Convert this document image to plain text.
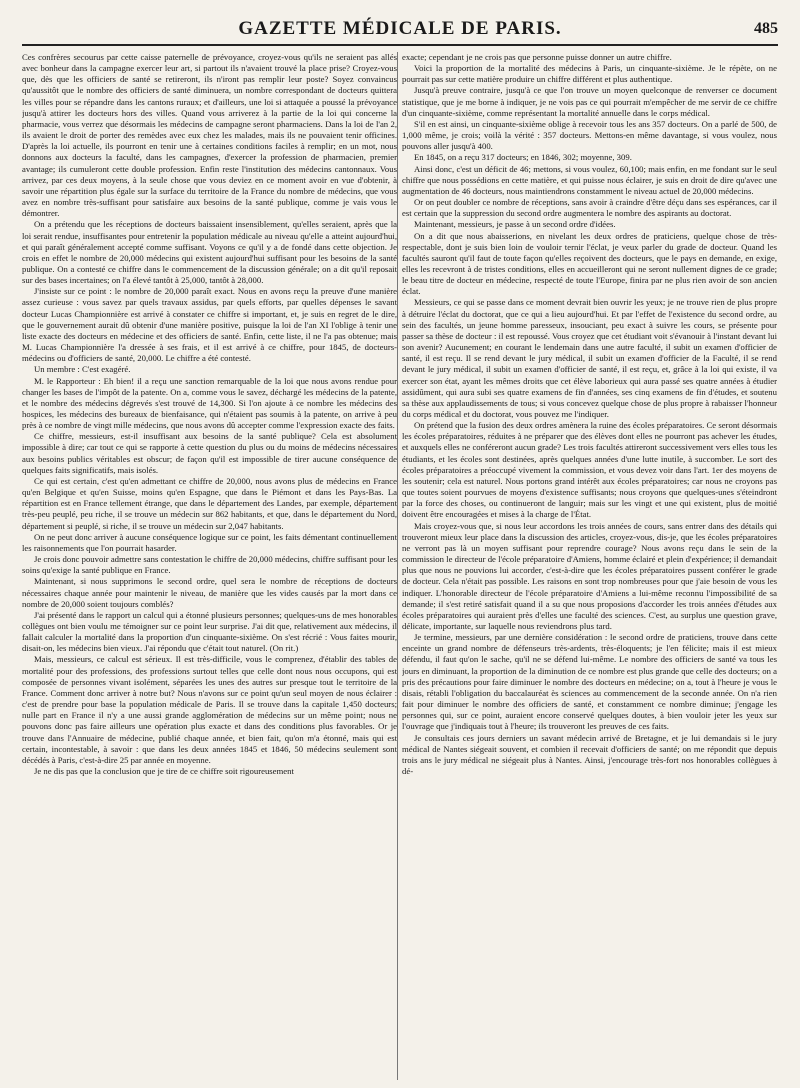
GAZETTE MÉDICALE DE PARIS.	485

Ces confrères secourus par cette caisse paternelle de prévoyance, croyez-vous qu'ils ne seraient pas allés avec bonheur dans la campagne exercer leur art, si partout ils n'avaient trouvé la place prise? Croyez-vous que, dès que les officiers de santé se retireront, ils n'iront pas remplir leur poste? Soyez convaincus qu'aussitôt que le nombre des officiers de santé diminuera, un nombre correspondant de docteurs quittera les villes pour se répandre dans les cantons ruraux; et d'ailleurs, une loi si attaquée a poussé la prévoyance jusqu'à attirer les docteurs hors des villes. Quand vous arriverez à la partie de la loi qui concerne la pharmacie, vous verrez que désormais les médecins de campagne seront pharmaciens. Dans la loi de l'an 2, ils avaient le droit de porter des remèdes avec eux chez les malades, mais ils ne pouvaient tenir officines. D'après la loi actuelle, ils pourront en tenir une à certaines conditions faciles à remplir; en un mot, nous donnons aux docteurs la faculté, dans les campagnes, d'exercer la profession de pharmacien, premier avantage; ils cumuleront cette double profession. Enfin reste l'institution des médecins cantonnaux. Vous arrivez, par ces deux moyens, à la seule chose que vous deviez en ce moment avoir en vue d'obtenir, à savoir une répartition plus égale sur la surface du territoire de la France du nombre de médecins, que vous avez en nombre très-suffisant pour satisfaire aux besoins de la santé publique, comme je vais vous le démontrer.

On a prétendu que les réceptions de docteurs baissaient insensiblement, qu'elles seraient, après que la loi serait rendue, insuffisantes pour entretenir la population médicale au niveau qu'elle a atteint aujourd'hui, et qui paraît généralement accepté comme suffisant. Voyons ce qu'il y a de fondé dans cette objection. Je crois en effet le nombre de 20,000 médecins qui existent aujourd'hui suffisant pour les besoins de la santé publique. On a contesté ce chiffre dans le commencement de la discussion générale; on a dit qu'il reposait sur des bases incertaines; on l'a élevé tantôt à 25,000, tantôt à 28,000.

J'insiste sur ce point : le nombre de 20,000 paraît exact. Nous en avons reçu la preuve d'une manière assez curieuse : vous savez par quels travaux assidus, par quels efforts, par quelles dépenses le savant docteur Lucas Championnière est arrivé à constater ce chiffre si important, et, je suis en regret de le dire, que le gouvernement aurait dû obtenir d'une manière positive, puisque la loi de l'an XI l'oblige à tenir une liste exacte des docteurs en médecine et des officiers de santé. Enfin, cette liste, il ne l'a pas obtenue; mais M. Lucas Championnière l'a dressée à ses frais, et il est arrivé à ce chiffre, pour 1845, de docteurs-médecins ou d'officiers de santé, 20,000. Le chiffre a été contesté.

Un membre : C'est exagéré.

M. le Rapporteur : Eh bien! il a reçu une sanction remarquable de la loi que nous avons rendue pour changer les bases de l'impôt de la patente. On a, comme vous le savez, déchargé les médecins de la patente, et le nombre des médecins dégrevés s'est trouvé de 14,300. Si l'on ajoute à ce nombre les médecins des hospices, les médecins des bureaux de bienfaisance, qui n'étaient pas soumis à la patente, on arrive à peu près à ce nombre de vingt mille médecins, que nous avons dû accepter comme l'expression exacte des faits.

Ce chiffre, messieurs, est-il insuffisant aux besoins de la santé publique? Cela est absolument impossible à dire; car tout ce qui se rapporte à cette question du plus ou du moins de médecins nécessaires aux besoins publics véritables est obscur; de façon qu'il est impossible de tirer aucune conséquence de quelques faits significatifs, mais isolés.

Ce qui est certain, c'est qu'en admettant ce chiffre de 20,000, nous avons plus de médecins en France qu'en Belgique et qu'en Suisse, moins qu'en Espagne, que dans le Piémont et dans les Pays-Bas. La répartition est en France tellement étrange, que dans le département des Landes, par exemple, département très-peu peuplé, peu riche, il se trouve un médecin sur 862 habitants, et que, dans le département du Nord, département si peuplé, si riche, il se trouve un médecin sur 2,047 habitants.

On ne peut donc arriver à aucune conséquence logique sur ce point, les faits démentant continuellement les raisonnements que l'on pourrait hasarder.

Je crois donc pouvoir admettre sans contestation le chiffre de 20,000 médecins, chiffre suffisant pour les soins qu'exige la santé publique en France.

Maintenant, si nous supprimons le second ordre, quel sera le nombre de réceptions de docteurs nécessaires chaque année pour maintenir le niveau, de manière que les vides causés par la mort dans ce nombre de 20,000 soient toujours comblés?

J'ai présenté dans le rapport un calcul qui a étonné plusieurs personnes; quelques-uns de mes honorables collègues ont bien voulu me témoigner sur ce point leur surprise. J'ai dit que, relativement aux médecins, il fallait calculer la mortalité dans la proportion d'un cinquante-sixième. On s'est récrié : Vous faites mourir, disait-on, les médecins bien vieux. J'ai répondu que c'était tout naturel. (On rit.)

Mais, messieurs, ce calcul est sérieux. Il est très-difficile, vous le comprenez, d'établir des tables de mortalité pour des professions, des professions surtout telles que celle dont nous nous occupons, qui est composée de personnes vivant isolément, séparées les unes des autres sur presque tout le territoire de la France. Comment donc arriver à notre but? Nous n'avons sur ce point qu'un seul moyen de nous éclairer : c'est de prendre pour base la population médicale de Paris. Il se trouve dans la capitale 1,450 docteurs; nulle part en France il n'y a une aussi grande agglomération de médecins sur un même point; nous ne pouvons donc pas faire ailleurs une opération plus exacte et dans des conditions plus favorables. Or je trouve dans l'Annuaire de médecine, publié chaque année, et bien fait, qu'on m'a étonné, mais qui est certain, incontestable, à savoir : que dans les deux années 1845 et 1846, 50 médecins seulement sont décédés à Paris, c'est-à-dire 25 par année en moyenne.

Je ne dis pas que la conclusion que je tire de ce chiffre soit rigoureusement

exacte; cependant je ne crois pas que personne puisse donner un autre chiffre.

Voici la proportion de la mortalité des médecins à Paris, un cinquante-sixième. Je le répète, on ne pourrait pas sur cette matière produire un chiffre différent et plus authentique.

Jusqu'à preuve contraire, jusqu'à ce que l'on trouve un moyen quelconque de renverser ce document statistique, que je me borne à indiquer, je ne vois pas ce qui pourrait m'empêcher de me servir de ce chiffre d'un cinquante-sixième, comme représentant la mortalité annuelle dans le corps médical.

S'il en est ainsi, un cinquante-sixième oblige à recevoir tous les ans 357 docteurs. On a parlé de 500, de 1,000 même, je crois; voilà la vérité : 357 docteurs. Mettons-en même davantage, si vous voulez, nous pouvons aller jusqu'à 400.

En 1845, on a reçu 317 docteurs; en 1846, 302; moyenne, 309.

Ainsi donc, c'est un déficit de 46; mettons, si vous voulez, 60,100; mais enfin, en me fondant sur le seul chiffre que nous possédions en cette matière, et qui puisse nous éclairer, je suis en droit de dire qu'avec une augmentation de 46 docteurs, nous maintiendrons constamment le niveau actuel de 20,000 médecins.

Or on peut doubler ce nombre de réceptions, sans avoir à craindre d'être déçu dans ses espérances, car il est certain que la suppression du second ordre augmentera le nombre des aspirants au doctorat.

Maintenant, messieurs, je passe à un second ordre d'idées.

On a dit que nous abaisserions, en nivelant les deux ordres de praticiens, quelque chose de très-respectable, dont je suis bien loin de vouloir ternir l'éclat, je veux parler du grade de docteur. Quand les facultés sauront qu'il faut de toute façon qu'elles reçoivent des docteurs, que le pays en demande, en exige, elles les recevront à de tristes conditions, elles en accueilleront qui ne seront nullement dignes de ce grade; le beau titre de docteur en médecine, respecté de toute l'Europe, finira par ne plus rien avoir de son ancien éclat.

Messieurs, ce qui se passe dans ce moment devrait bien ouvrir les yeux; je ne trouve rien de plus propre à détruire l'éclat du doctorat, que ce qui a lieu aujourd'hui. Et par l'effet de l'existence du second ordre, au sein des facultés, un jeune homme paresseux, insouciant, peu exact à suivre les cours, se présente pour passer sa thèse de docteur : il est repoussé. Vous croyez que cet étudiant voit s'évanouir à l'instant devant lui son avenir? Aucunement; en courant le lendemain dans une autre faculté, il subit un examen d'officier de santé, il est reçu. Il se rend devant le jury médical, il subit un examen d'officier de la Faculté, il se rend devant le jury médical, il subit un examen d'officier de santé, il est reçu, et, grâce à la loi qui existe, il va exercer son état, ayant les mêmes droits que cet élève laborieux qui aura passé ses quatre années à étudier assidûment, qui aura subi ses quatre examens de fin d'années, ses cinq examens de fin d'études, et soutenu sa thèse aux applaudissements de tous; si vous concevez quelque chose de plus propre à rabaisser l'honneur du corps médical et du doctorat, vous pouvez me l'indiquer.

On prétend que la fusion des deux ordres amènera la ruine des écoles préparatoires. Ce seront désormais les écoles préparatoires, réduites à ne préparer que des élèves dont elles ne pourront pas achever les études, et auxquels elles ne conféreront aucun grade? Les trois facultés attireront successivement vers elles tous les étudiants, et les écoles sont destinées, après quelques années d'une lutte inutile, à succomber. Le sort des écoles préparatoires a préoccupé vivement la commission, et vous devez voir dans l'art. 1er des moyens de les soutenir; cela est naturel. Nous portons grand intérêt aux écoles préparatoires; car nous ne croyons pas que toutes soient pourvues de moyens d'existence suffisants; nous croyons que quelques-unes s'éteindront par la force des choses, ou continueront de languir; mais sur les vingt et une qui existent, plus de moitié doivent être encouragées et mises à la charge de l'État.

Mais croyez-vous que, si nous leur accordons les trois années de cours, sans entrer dans des détails qui trouveront mieux leur place dans la discussion des articles, croyez-vous, dis-je, que les écoles préparatoires ne verront pas là un moyen suffisant pour reprendre courage? Nous avons reçu dans le sein de la commission le directeur de l'école préparatoire d'Amiens, homme éclairé et plein d'expérience; il demandait plus que nous ne pouvions lui accorder, c'est-à-dire que les écoles préparatoires pussent conférer le grade de docteur. Cela n'était pas possible. Les raisons en sont trop nombreuses pour que j'aie besoin de vous les indiquer. L'honorable directeur de l'école préparatoire d'Amiens a lui-même reconnu l'impossibilité de sa demande; il s'est retiré satisfait quand il a su que nous proposions d'accorder les trois années d'études aux écoles préparatoires qui auraient près d'elles une faculté des sciences. C'est, au surplus une question grave, délicate, importante, sur laquelle nous reviendrons plus tard.

Je termine, messieurs, par une dernière considération : le second ordre de praticiens, trouve dans cette enceinte un grand nombre de défenseurs très-ardents, très-éloquents; je l'en félicite; mais il est mieux défendu, il faut qu'on le sache, qu'il ne se défend lui-même. Le nombre des officiers de santé va tous les jours en diminuant, la proportion de la diminution de ce nombre est plus grande que celle des docteurs; on a pris des précautions pour faire diminuer le nombre des docteurs en médecine; on a, tout à l'heure je vous le disais, rétabli l'obligation du baccalauréat ès sciences au commencement de la seconde année. On n'a rien fait pour diminuer le nombre des officiers de santé, et constamment ce nombre diminue; j'engage les personnes qui, sur ce point, auraient encore conservé quelques doutes, à bien vouloir jeter les yeux sur l'ouvrage que j'indiquais tout à l'heure; ils trouveront les preuves de ces faits.

Je consultais ces jours derniers un savant médecin arrivé de Bretagne, et je lui demandais si le jury médical de Nantes siégeait souvent, et combien il recevait d'officiers de santé; on me répondit que depuis trois ans le jury médical ne siégeait plus à Nantes. Ainsi, j'encourage très-fort nos honorables collègues à dé-
